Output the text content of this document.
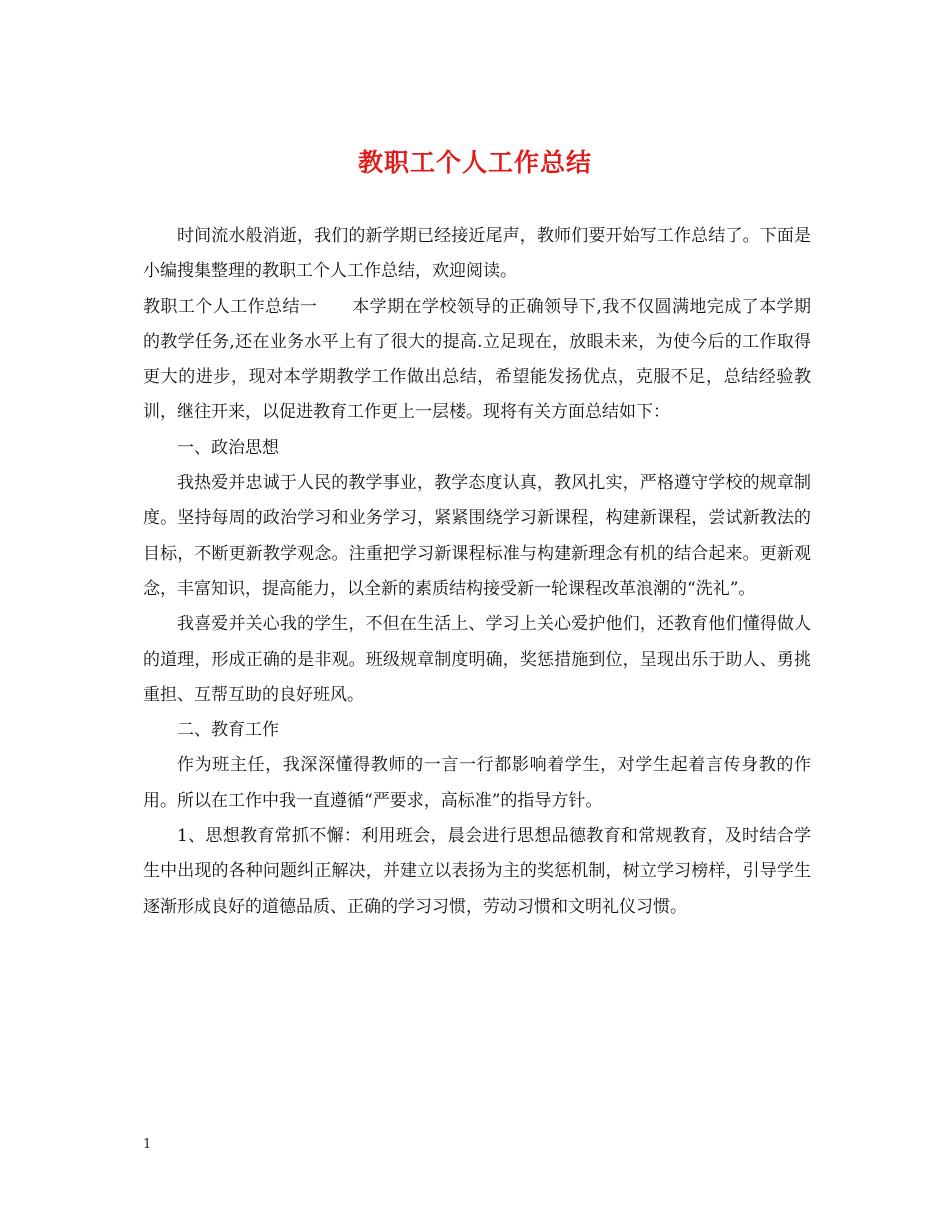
教职工个人工作总结

时间流水般消逝，我们的新学期已经接近尾声，教师们要开始写工作总结了。下面是小编搜集整理的教职工个人工作总结，欢迎阅读。

教职工个人工作总结一　　本学期在学校领导的正确领导下,我不仅圆满地完成了本学期的教学任务,还在业务水平上有了很大的提高.立足现在，放眼未来，为使今后的工作取得更大的进步，现对本学期教学工作做出总结，希望能发扬优点，克服不足，总结经验教训，继往开来，以促进教育工作更上一层楼。现将有关方面总结如下：

一、政治思想

我热爱并忠诚于人民的教学事业，教学态度认真，教风扎实，严格遵守学校的规章制度。坚持每周的政治学习和业务学习，紧紧围绕学习新课程，构建新课程，尝试新教法的目标，不断更新教学观念。注重把学习新课程标准与构建新理念有机的结合起来。更新观念，丰富知识，提高能力，以全新的素质结构接受新一轮课程改革浪潮的“洗礼”。

我喜爱并关心我的学生，不但在生活上、学习上关心爱护他们，还教育他们懂得做人的道理，形成正确的是非观。班级规章制度明确，奖惩措施到位，呈现出乐于助人、勇挑重担、互帮互助的良好班风。

二、教育工作

作为班主任，我深深懂得教师的一言一行都影响着学生，对学生起着言传身教的作用。所以在工作中我一直遵循“严要求，高标准”的指导方针。

1、思想教育常抓不懈：利用班会，晨会进行思想品德教育和常规教育，及时结合学生中出现的各种问题纠正解决，并建立以表扬为主的奖惩机制，树立学习榜样，引导学生逐渐形成良好的道德品质、正确的学习习惯，劳动习惯和文明礼仪习惯。

1
